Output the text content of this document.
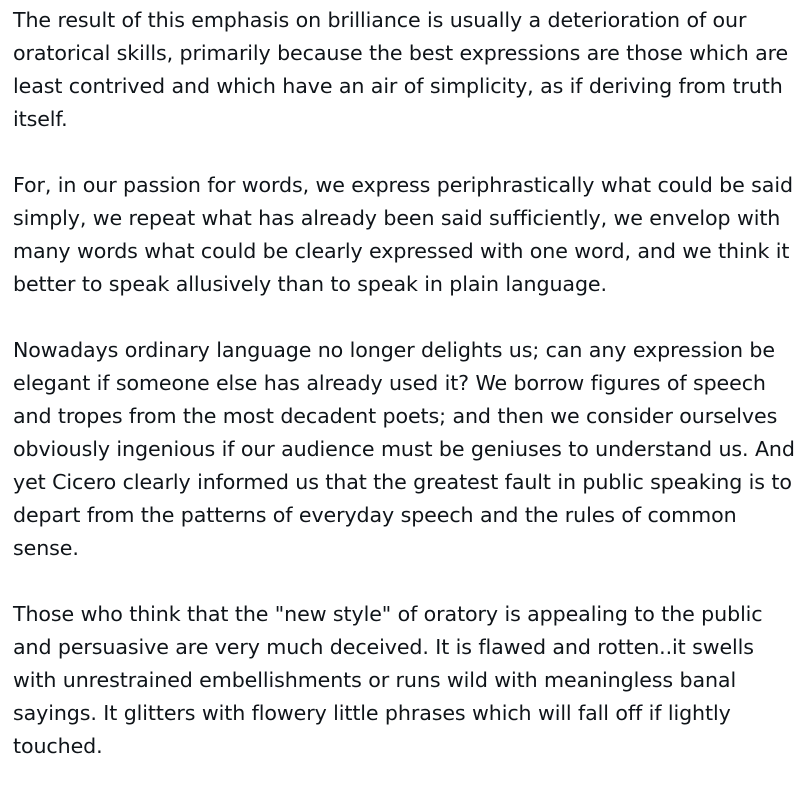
The result of this emphasis on brilliance is usually a deterioration of our oratorical skills, primarily because the best expressions are those which are least contrived and which have an air of simplicity, as if deriving from truth itself.

For, in our passion for words, we express periphrastically what could be said simply, we repeat what has already been said sufficiently, we envelop with many words what could be clearly expressed with one word, and we think it better to speak allusively than to speak in plain language.

Nowadays ordinary language no longer delights us; can any expression be elegant if someone else has already used it? We borrow figures of speech and tropes from the most decadent poets; and then we consider ourselves obviously ingenious if our audience must be geniuses to understand us. And yet Cicero clearly informed us that the greatest fault in public speaking is to depart from the patterns of everyday speech and the rules of common sense.

Those who think that the "new style" of oratory is appealing to the public and persuasive are very much deceived. It is flawed and rotten..it swells with unrestrained embellishments or runs wild with meaningless banal sayings. It glitters with flowery little phrases which will fall off if lightly touched.
